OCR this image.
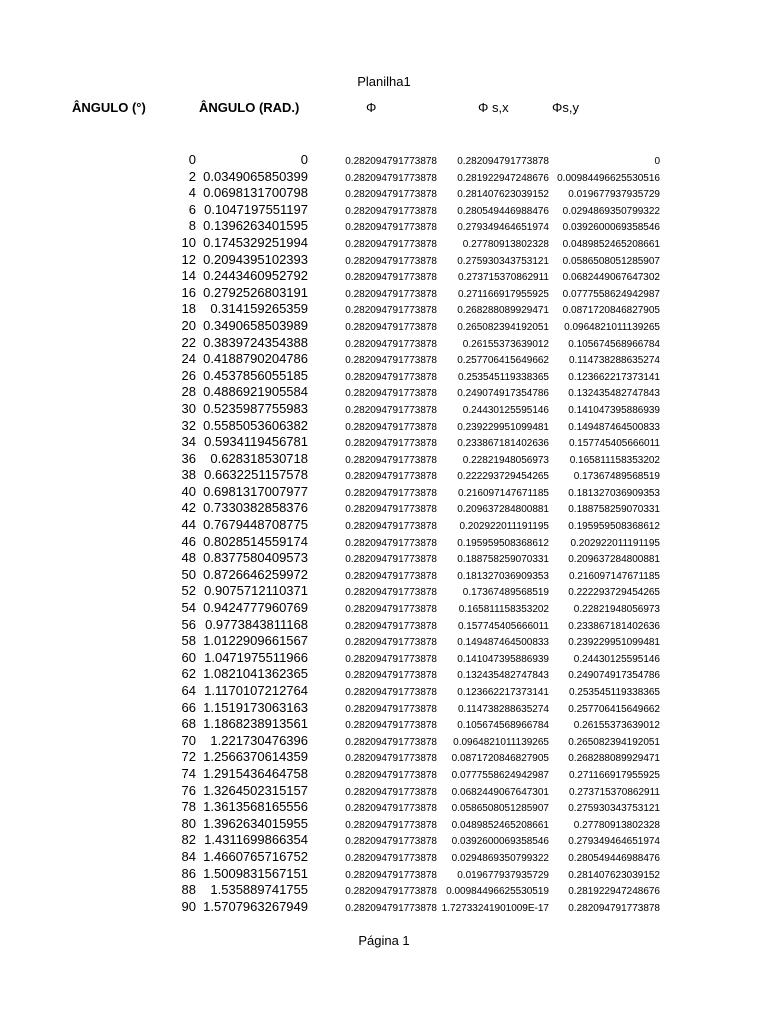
Planilha1
ÂNGULO (°)	ÂNGULO (RAD.)	Φ	Φ s,x	Φs,y
0	0	0.282094791773878 0.282094791773878	0
2 0.0349065850399	0.282094791773878 0.281922947248676 0.00984496625530516
4 0.0698131700798	0.282094791773878 0.281407623039152 0.019677937935729
6 0.1047197551197	0.282094791773878 0.280549446988476 0.0294869350799322
8 0.1396263401595	0.282094791773878 0.279349464651974 0.0392600069358546
10 0.1745329251994	0.282094791773878	0.27780913802328 0.0489852465208661
12 0.2094395102393	0.282094791773878 0.275930343753121 0.0586508051285907
14 0.2443460952792	0.282094791773878 0.273715370862911 0.0682449067647302
16 0.2792526803191	0.282094791773878 0.271166917955925 0.0777558624942987
18 0.314159265359	0.282094791773878 0.268288089929471 0.0871720846827905
20 0.3490658503989	0.282094791773878 0.265082394192051 0.0964821011139265
22 0.3839724354388	0.282094791773878	0.26155373639012 0.105674568966784
24 0.4188790204786	0.282094791773878 0.257706415649662 0.114738288635274
26 0.4537856055185	0.282094791773878 0.253545119338365 0.123662217373141
28 0.4886921905584	0.282094791773878 0.249074917354786 0.132435482747843
30 0.5235987755983	0.282094791773878	0.24430125595146 0.141047395886939
32 0.5585053606382	0.282094791773878 0.239229951099481 0.149487464500833
34 0.5934119456781	0.282094791773878 0.233867181402636 0.157745405666011
36 0.628318530718	0.282094791773878	0.22821948056973 0.165811158353202
38 0.6632251157578	0.282094791773878 0.222293729454265 0.17367489568519
40 0.6981317007977	0.282094791773878 0.216097147671185 0.181327036909353
42 0.7330382858376	0.282094791773878 0.209637284800881 0.188758259070331
44 0.7679448708775	0.282094791773878 0.202922011191195 0.195959508368612
46 0.8028514559174	0.282094791773878 0.195959508368612 0.202922011191195
48 0.8377580409573	0.282094791773878 0.188758259070331 0.209637284800881
50 0.8726646259972	0.282094791773878 0.181327036909353 0.216097147671185
52 0.9075712110371	0.282094791773878	0.17367489568519 0.222293729454265
54 0.9424777960769	0.282094791773878 0.165811158353202 0.22821948056973
56 0.9773843811168	0.282094791773878 0.157745405666011 0.233867181402636
58 1.0122909661567	0.282094791773878 0.149487464500833 0.239229951099481
60 1.0471975511966	0.282094791773878 0.141047395886939 0.24430125595146
62 1.0821041362365	0.282094791773878 0.132435482747843 0.249074917354786
64 1.1170107212764	0.282094791773878 0.123662217373141 0.253545119338365
66 1.1519173063163	0.282094791773878 0.114738288635274 0.257706415649662
68 1.1868238913561	0.282094791773878 0.105674568966784 0.26155373639012
70 1.221730476396	0.282094791773878 0.0964821011139265 0.265082394192051
72 1.2566370614359	0.282094791773878 0.0871720846827905 0.268288089929471
74 1.2915436464758	0.282094791773878 0.0777558624942987 0.271166917955925
76 1.3264502315157	0.282094791773878 0.0682449067647301 0.273715370862911
78 1.3613568165556	0.282094791773878 0.0586508051285907 0.275930343753121
80 1.3962634015955	0.282094791773878 0.0489852465208661 0.27780913802328
82 1.4311699866354	0.282094791773878 0.0392600069358546 0.279349464651974
84 1.4660765716752	0.282094791773878 0.0294869350799322 0.280549446988476
86 1.5009831567151	0.282094791773878 0.019677937935729 0.281407623039152
88 1.535889741755	0.282094791773878 0.00984496625530519 0.281922947248676
90 1.5707963267949	0.282094791773878 1.72733241901009E-17 0.282094791773878
Página 1
